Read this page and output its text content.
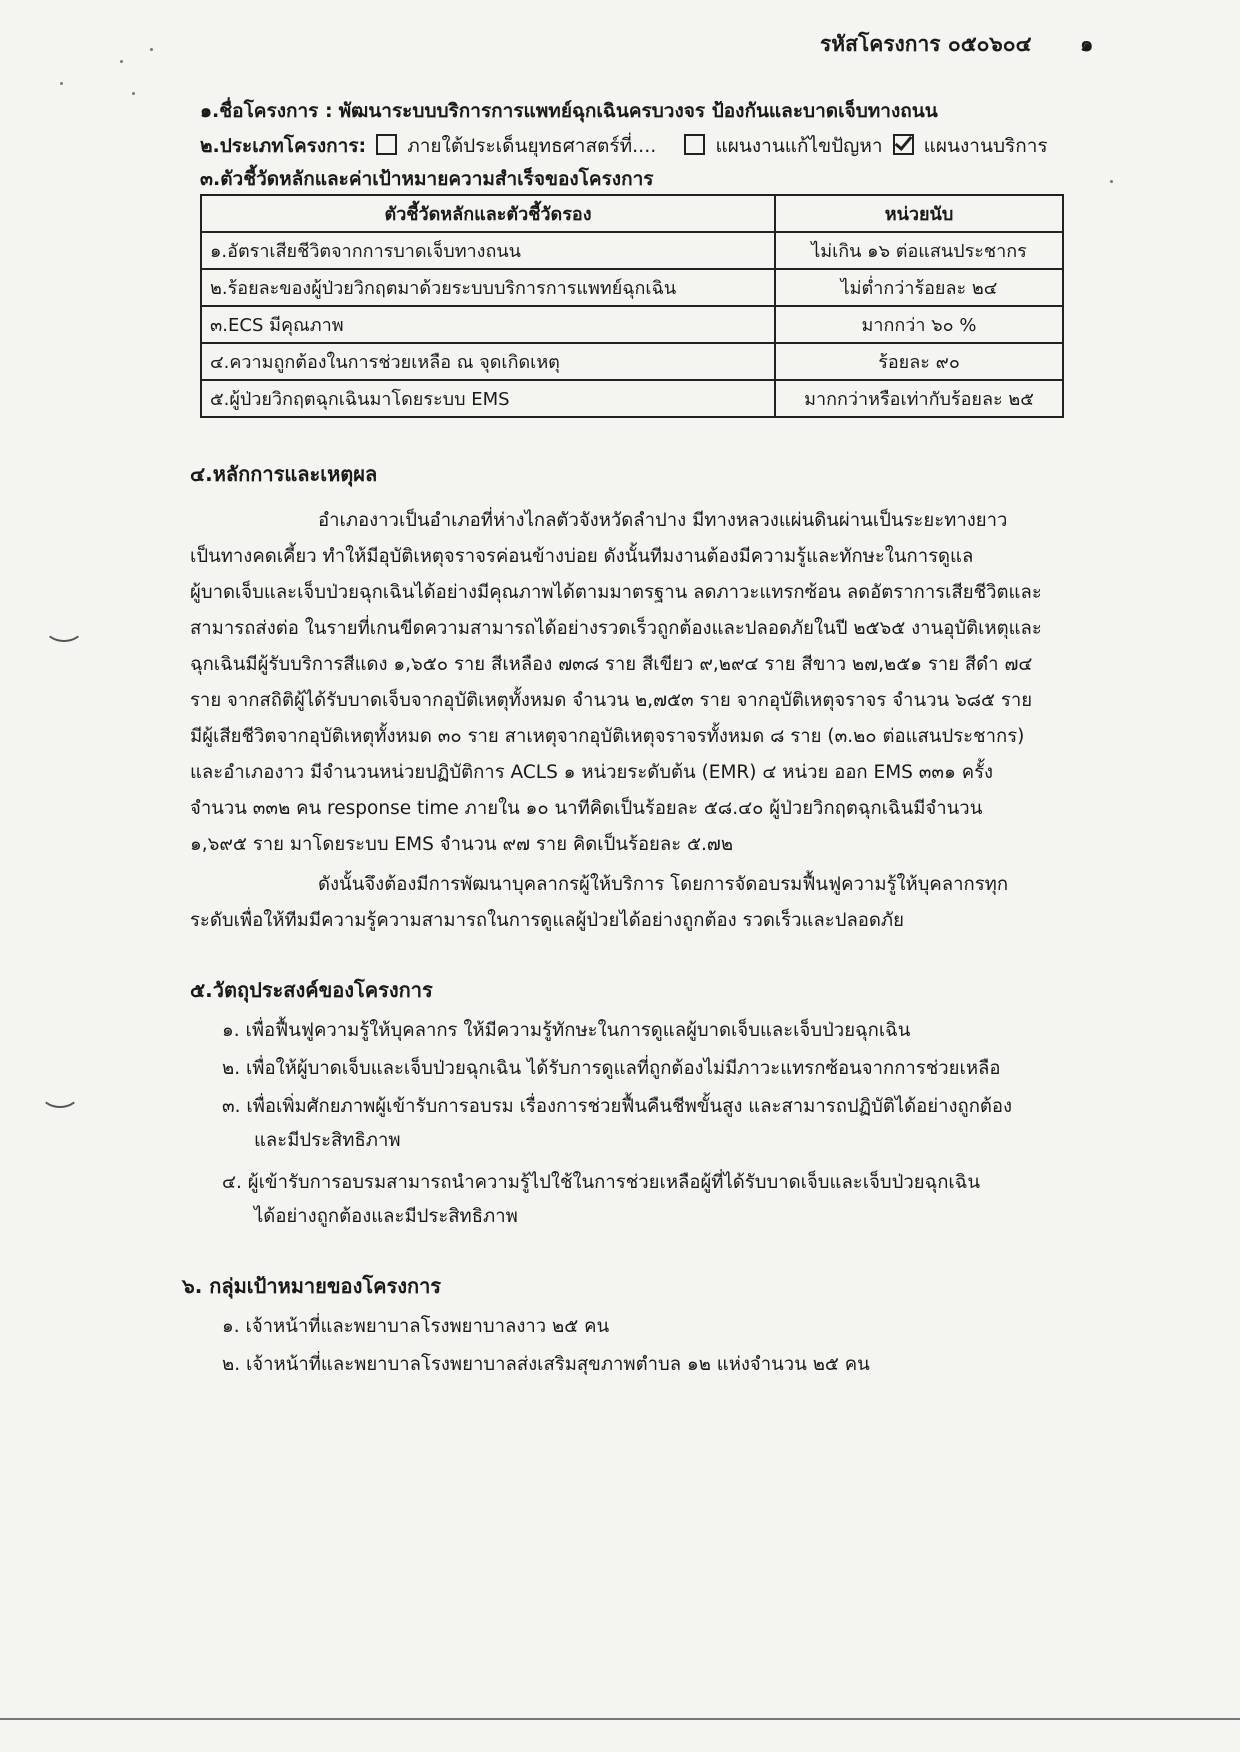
รหัสโครงการ ๐๕๐๖๐๔ ๑
๑.ชื่อโครงการ : พัฒนาระบบบริการการแพทย์ฉุกเฉินครบวงจร ป้องกันและบาดเจ็บทางถนน
๒.ประเภทโครงการ: ภายใต้ประเด็นยุทธศาสตร์ที่....	แผนงานแก้ไขปัญหา แผนงานบริการ
๓.ตัวชี้วัดหลักและค่าเป้าหมายความสำเร็จของโครงการ
ตัวชี้วัดหลักและตัวชี้วัดรอง	หน่วยนับ
๑.อัตราเสียชีวิตจากการบาดเจ็บทางถนน	ไม่เกิน ๑๖ ต่อแสนประชากร
๒.ร้อยละของผู้ป่วยวิกฤตมาด้วยระบบบริการการแพทย์ฉุกเฉิน	ไม่ต่ำกว่าร้อยละ ๒๔
๓.ECS มีคุณภาพ	มากกว่า ๖๐ %
๔.ความถูกต้องในการช่วยเหลือ ณ จุดเกิดเหตุ	ร้อยละ ๙๐
๕.ผู้ป่วยวิกฤตฉุกเฉินมาโดยระบบ EMS	มากกว่าหรือเท่ากับร้อยละ ๒๕
๔.หลักการและเหตุผล
อำเภองาวเป็นอำเภอที่ห่างไกลตัวจังหวัดลำปาง มีทางหลวงแผ่นดินผ่านเป็นระยะทางยาว
เป็นทางคดเคี้ยว ทำให้มีอุบัติเหตุจราจรค่อนข้างบ่อย ดังนั้นทีมงานต้องมีความรู้และทักษะในการดูแล
ผู้บาดเจ็บและเจ็บป่วยฉุกเฉินได้อย่างมีคุณภาพได้ตามมาตรฐาน ลดภาวะแทรกซ้อน ลดอัตราการเสียชีวิตและ
สามารถส่งต่อ ในรายที่เกนขีดความสามารถได้อย่างรวดเร็วถูกต้องและปลอดภัยในปี ๒๕๖๕ งานอุบัติเหตุและ
ฉุกเฉินมีผู้รับบริการสีแดง ๑,๖๕๐ ราย สีเหลือง ๗๓๘ ราย สีเขียว ๙,๒๙๔ ราย สีขาว ๒๗,๒๕๑ ราย สีดำ ๗๔
ราย จากสถิติผู้ได้รับบาดเจ็บจากอุบัติเหตุทั้งหมด จำนวน ๒,๗๕๓ ราย จากอุบัติเหตุจราจร จำนวน ๖๘๕ ราย
มีผู้เสียชีวิตจากอุบัติเหตุทั้งหมด ๓๐ ราย สาเหตุจากอุบัติเหตุจราจรทั้งหมด ๘ ราย (๓.๒๐ ต่อแสนประชากร)
และอำเภองาว มีจำนวนหน่วยปฏิบัติการ ACLS ๑ หน่วยระดับต้น (EMR) ๔ หน่วย ออก EMS ๓๓๑ ครั้ง
จำนวน ๓๓๒ คน response time ภายใน ๑๐ นาทีคิดเป็นร้อยละ ๕๘.๔๐ ผู้ป่วยวิกฤตฉุกเฉินมีจำนวน
๑,๖๙๕ ราย มาโดยระบบ EMS จำนวน ๙๗ ราย คิดเป็นร้อยละ ๕.๗๒
ดังนั้นจึงต้องมีการพัฒนาบุคลากรผู้ให้บริการ โดยการจัดอบรมฟื้นฟูความรู้ให้บุคลากรทุก
ระดับเพื่อให้ทีมมีความรู้ความสามารถในการดูแลผู้ป่วยได้อย่างถูกต้อง รวดเร็วและปลอดภัย
๕.วัตถุประสงค์ของโครงการ
๑. เพื่อฟื้นฟูความรู้ให้บุคลากร ให้มีความรู้ทักษะในการดูแลผู้บาดเจ็บและเจ็บป่วยฉุกเฉิน
๒. เพื่อให้ผู้บาดเจ็บและเจ็บป่วยฉุกเฉิน ได้รับการดูแลที่ถูกต้องไม่มีภาวะแทรกซ้อนจากการช่วยเหลือ
๓. เพื่อเพิ่มศักยภาพผู้เข้ารับการอบรม เรื่องการช่วยฟื้นคืนชีพขั้นสูง และสามารถปฏิบัติได้อย่างถูกต้อง
และมีประสิทธิภาพ
๔. ผู้เข้ารับการอบรมสามารถนำความรู้ไปใช้ในการช่วยเหลือผู้ที่ได้รับบาดเจ็บและเจ็บป่วยฉุกเฉิน
ได้อย่างถูกต้องและมีประสิทธิภาพ
๖. กลุ่มเป้าหมายของโครงการ
๑. เจ้าหน้าที่และพยาบาลโรงพยาบาลงาว ๒๕ คน
๒. เจ้าหน้าที่และพยาบาลโรงพยาบาลส่งเสริมสุขภาพตำบล ๑๒ แห่งจำนวน ๒๕ คน
